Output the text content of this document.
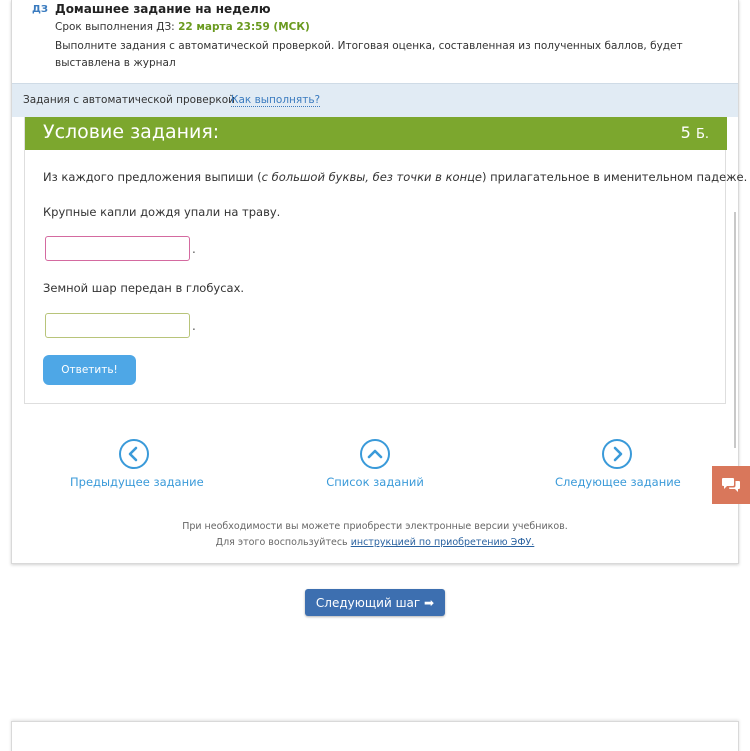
ДЗ Домашнее задание на неделю
Срок выполнения ДЗ: 22 марта 23:59 (МСК)
Выполните задания с автоматической проверкой. Итоговая оценка, составленная из полученных баллов, будет выставлена в журнал
Задания с автоматической проверкой
Как выполнять?
Условие задания:	5 Б.
Из каждого предложения выпиши (с большой буквы, без точки в конце) прилагательное в именительном падеже.
Крупные капли дождя упали на траву.
.
Земной шар передан в глобусах.
.
Ответить!
Предыдущее задание	Список заданий	Следующее задание
При необходимости вы можете приобрести электронные версии учебников.
Для этого воспользуйтесь инструкцией по приобретению ЭФУ.
Следующий шаг ➡
